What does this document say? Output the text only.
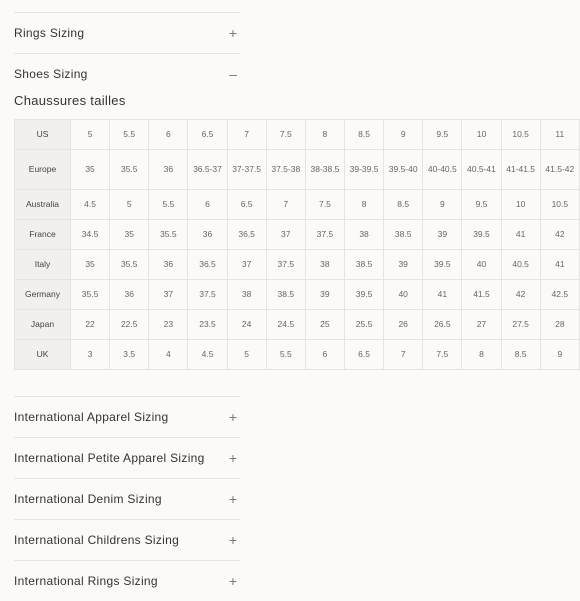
Rings Sizing	+
Shoes Sizing	–
Chaussures tailles
US	5	5.5	6	6.5	7	7.5	8	8.5	9	9.5	10	10.5	11
Europe	35	35.5	36	36.5-37	37-37.5	37.5-38	38-38.5	39-39.5	39.5-40	40-40.5	40.5-41	41-41.5	41.5-42
Australia	4.5	5	5.5	6	6.5	7	7.5	8	8.5	9	9.5	10	10.5
France	34.5	35	35.5	36	36.5	37	37.5	38	38.5	39	39.5	41	42
Italy	35	35.5	36	36.5	37	37.5	38	38.5	39	39.5	40	40.5	41
Germany	35.5	36	37	37.5	38	38.5	39	39.5	40	41	41.5	42	42.5
Japan	22	22.5	23	23.5	24	24.5	25	25.5	26	26.5	27	27.5	28
UK	3	3.5	4	4.5	5	5.5	6	6.5	7	7.5	8	8.5	9
International Apparel Sizing	+
International Petite Apparel Sizing +
International Denim Sizing	+
International Childrens Sizing	+
International Rings Sizing	+
